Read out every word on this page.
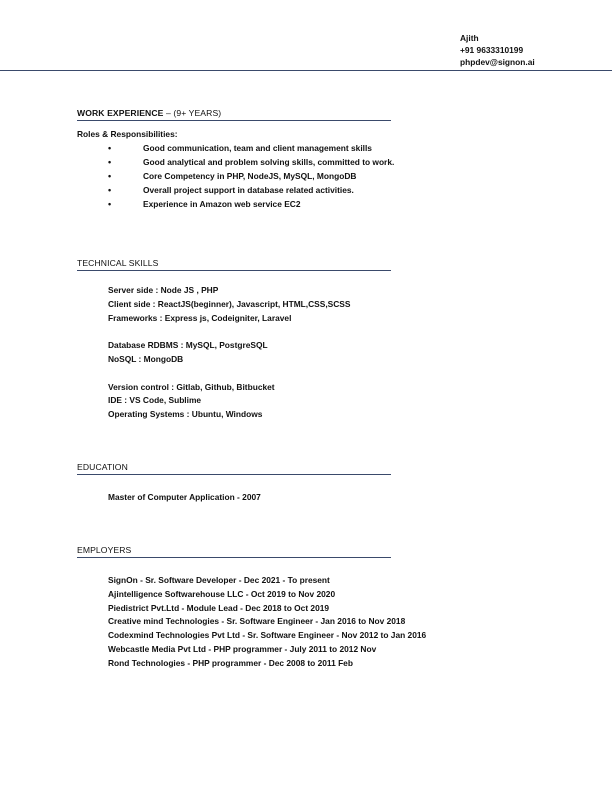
Ajith
+91 9633310199
phpdev@signon.ai
WORK EXPERIENCE – (9+ YEARS)
Roles & Responsibilities:
•	Good communication, team and client management skills
•	Good analytical and problem solving skills, committed to work.
•	Core Competency in PHP, NodeJS, MySQL, MongoDB
•	Overall project support in database related activities.
•	Experience in Amazon web service EC2
TECHNICAL SKILLS
Server side : Node JS , PHP
Client side : ReactJS(beginner), Javascript, HTML,CSS,SCSS
Frameworks : Express js, Codeigniter, Laravel
Database RDBMS : MySQL, PostgreSQL
NoSQL : MongoDB
Version control : Gitlab, Github, Bitbucket
IDE : VS Code, Sublime
Operating Systems : Ubuntu, Windows
EDUCATION
Master of Computer Application - 2007
EMPLOYERS
SignOn - Sr. Software Developer - Dec 2021 - To present
Ajintelligence Softwarehouse LLC - Oct 2019 to Nov 2020
Piedistrict Pvt.Ltd - Module Lead - Dec 2018 to Oct 2019
Creative mind Technologies - Sr. Software Engineer - Jan 2016 to Nov 2018
Codexmind Technologies Pvt Ltd - Sr. Software Engineer - Nov 2012 to Jan 2016
Webcastle Media Pvt Ltd - PHP programmer - July 2011 to 2012 Nov
Rond Technologies - PHP programmer - Dec 2008 to 2011 Feb
